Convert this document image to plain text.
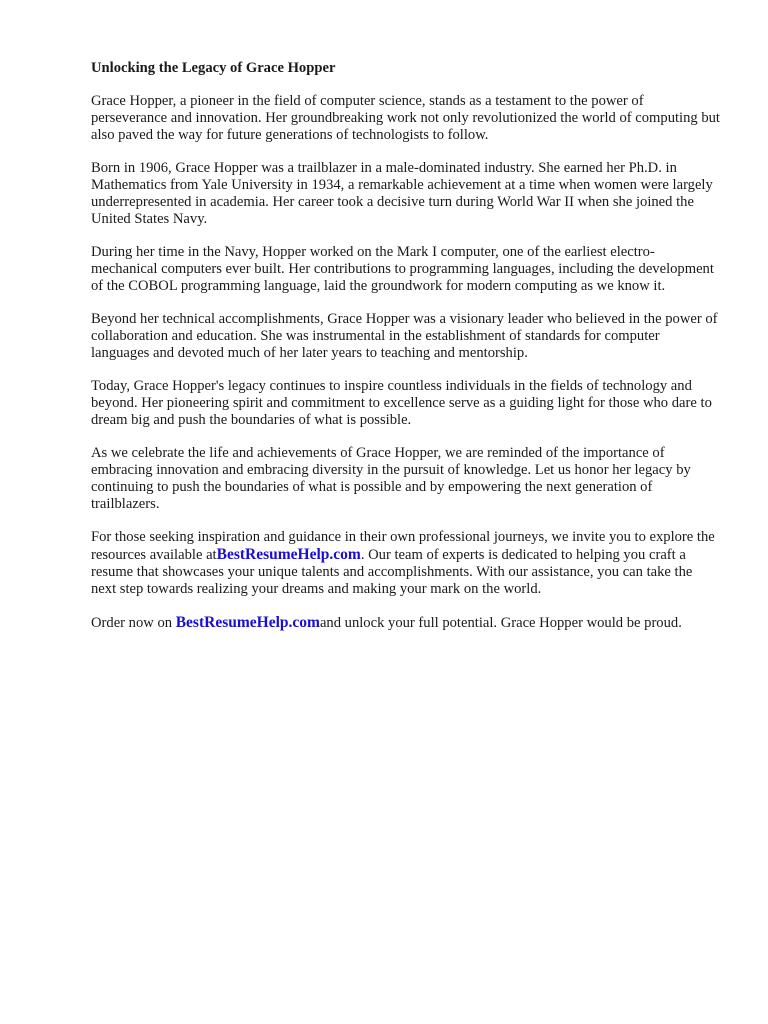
Unlocking the Legacy of Grace Hopper

Grace Hopper, a pioneer in the field of computer science, stands as a testament to the power of perseverance and innovation. Her groundbreaking work not only revolutionized the world of computing but also paved the way for future generations of technologists to follow.

Born in 1906, Grace Hopper was a trailblazer in a male-dominated industry. She earned her Ph.D. in Mathematics from Yale University in 1934, a remarkable achievement at a time when women were largely underrepresented in academia. Her career took a decisive turn during World War II when she joined the United States Navy.

During her time in the Navy, Hopper worked on the Mark I computer, one of the earliest electro-mechanical computers ever built. Her contributions to programming languages, including the development of the COBOL programming language, laid the groundwork for modern computing as we know it.

Beyond her technical accomplishments, Grace Hopper was a visionary leader who believed in the power of collaboration and education. She was instrumental in the establishment of standards for computer languages and devoted much of her later years to teaching and mentorship.

Today, Grace Hopper's legacy continues to inspire countless individuals in the fields of technology and beyond. Her pioneering spirit and commitment to excellence serve as a guiding light for those who dare to dream big and push the boundaries of what is possible.

As we celebrate the life and achievements of Grace Hopper, we are reminded of the importance of embracing innovation and embracing diversity in the pursuit of knowledge. Let us honor her legacy by continuing to push the boundaries of what is possible and by empowering the next generation of trailblazers.

For those seeking inspiration and guidance in their own professional journeys, we invite you to explore the resources available atBestResumeHelp.com. Our team of experts is dedicated to helping you craft a resume that showcases your unique talents and accomplishments. With our assistance, you can take the next step towards realizing your dreams and making your mark on the world.

Order now on BestResumeHelp.comand unlock your full potential. Grace Hopper would be proud.
